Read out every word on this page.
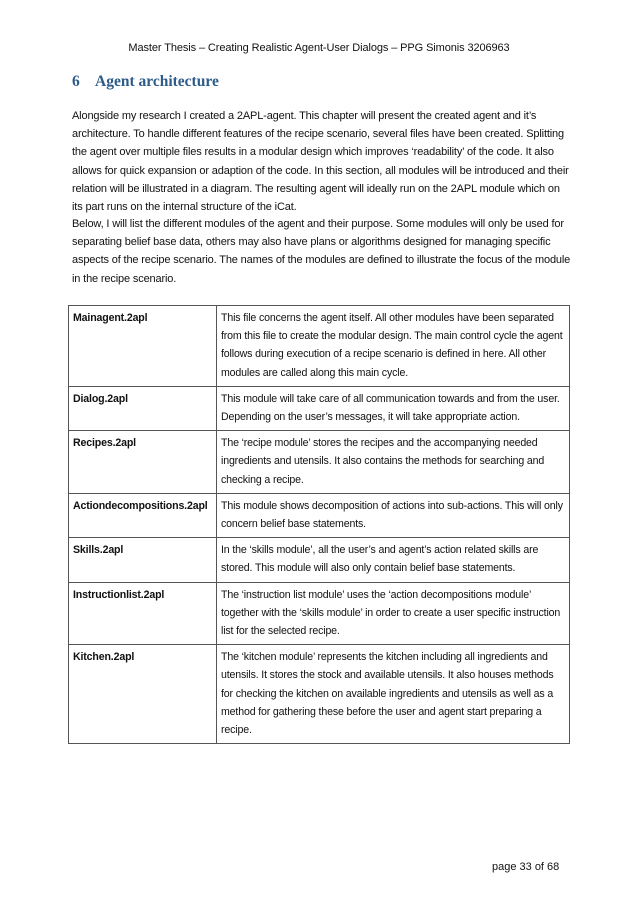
Master Thesis – Creating Realistic Agent-User Dialogs – PPG Simonis 3206963
6 Agent architecture
Alongside my research I created a 2APL-agent. This chapter will present the created agent and it’s architecture. To handle different features of the recipe scenario, several files have been created. Splitting the agent over multiple files results in a modular design which improves ‘readability’ of the code. It also allows for quick expansion or adaption of the code. In this section, all modules will be introduced and their relation will be illustrated in a diagram. The resulting agent will ideally run on the 2APL module which on its part runs on the internal structure of the iCat.
Below, I will list the different modules of the agent and their purpose. Some modules will only be used for separating belief base data, others may also have plans or algorithms designed for managing specific aspects of the recipe scenario. The names of the modules are defined to illustrate the focus of the module in the recipe scenario.
Mainagent.2apl	This file concerns the agent itself. All other modules have been separated from this file to create the modular design. The main control cycle the agent follows during execution of a recipe scenario is defined in here. All other modules are called along this main cycle.
Dialog.2apl	This module will take care of all communication towards and from the user. Depending on the user’s messages, it will take appropriate action.
Recipes.2apl	The ‘recipe module’ stores the recipes and the accompanying needed ingredients and utensils. It also contains the methods for searching and checking a recipe.
Actiondecompositions.2apl	This module shows decomposition of actions into sub-actions. This will only concern belief base statements.
Skills.2apl	In the ‘skills module’, all the user’s and agent’s action related skills are stored. This module will also only contain belief base statements.
Instructionlist.2apl	The ‘instruction list module’ uses the ‘action decompositions module’ together with the ‘skills module’ in order to create a user specific instruction list for the selected recipe.
Kitchen.2apl	The ‘kitchen module’ represents the kitchen including all ingredients and utensils. It stores the stock and available utensils. It also houses methods for checking the kitchen on available ingredients and utensils as well as a method for gathering these before the user and agent start preparing a recipe.
page 33 of 68
